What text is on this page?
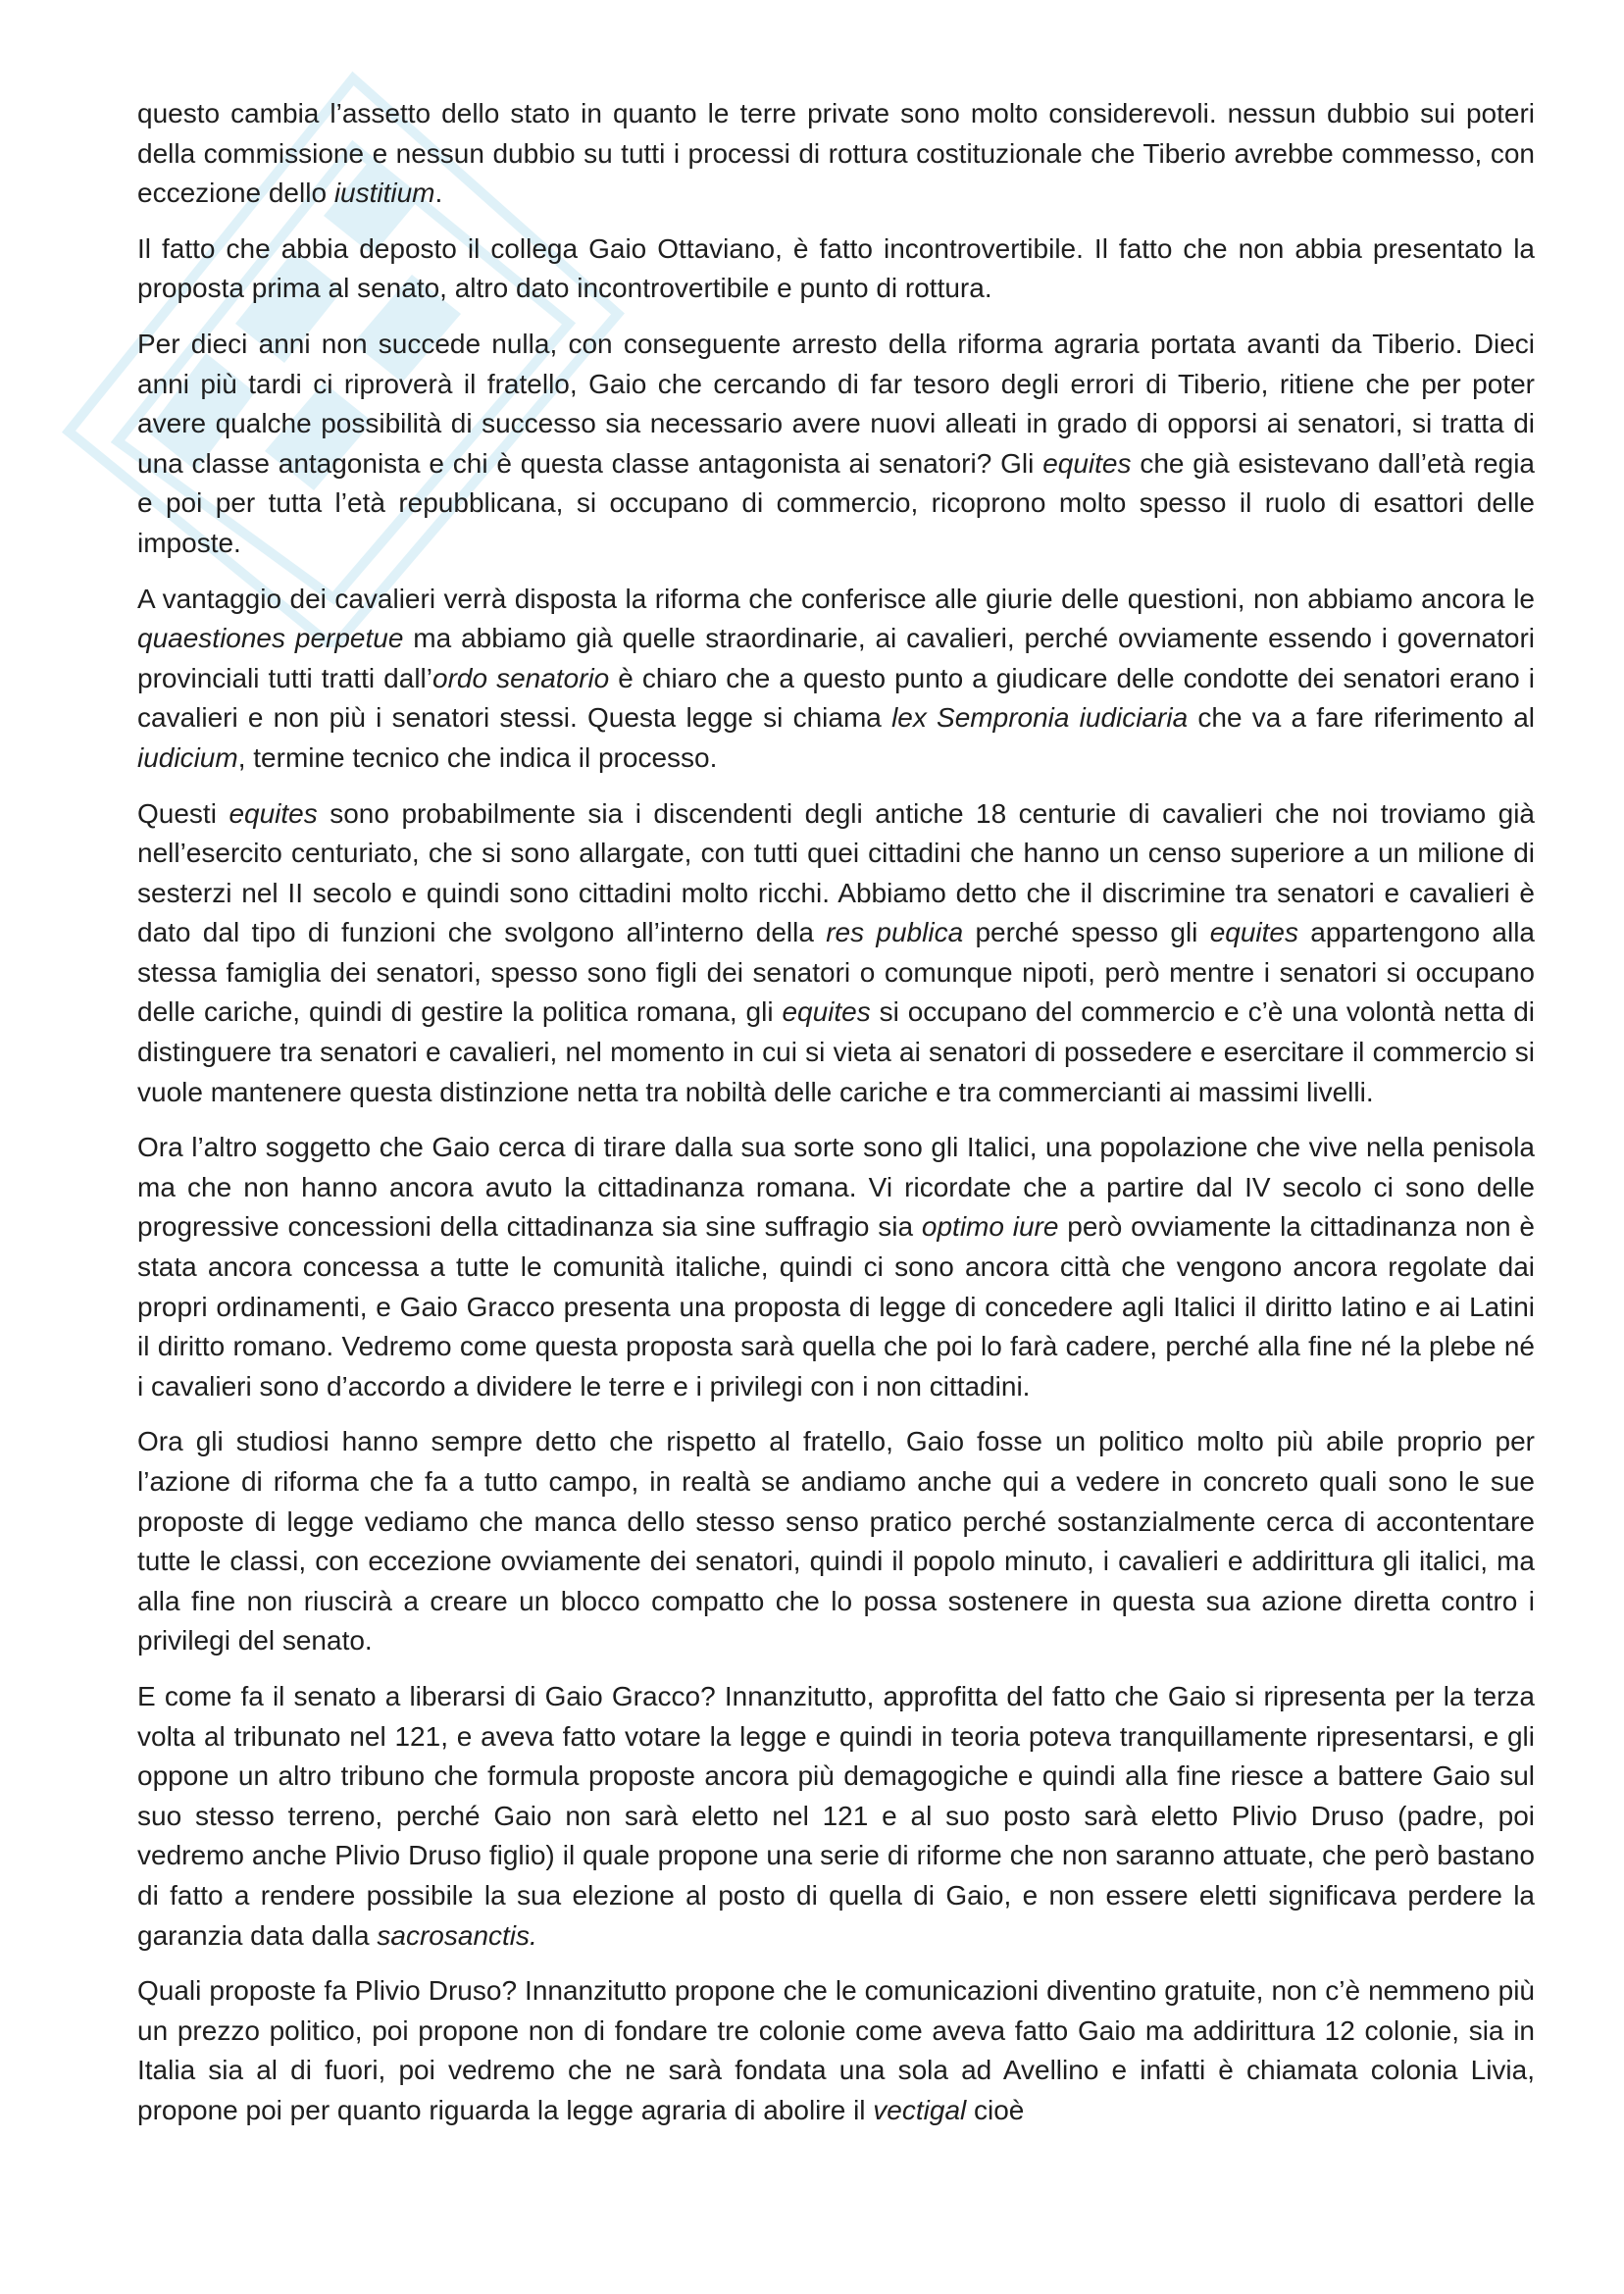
questo cambia l’assetto dello stato in quanto le terre private sono molto considerevoli. nessun dubbio sui poteri della commissione e nessun dubbio su tutti i processi di rottura costituzionale che Tiberio avrebbe commesso, con eccezione dello iustitium.

Il fatto che abbia deposto il collega Gaio Ottaviano, è fatto incontrovertibile. Il fatto che non abbia presentato la proposta prima al senato, altro dato incontrovertibile e punto di rottura.

Per dieci anni non succede nulla, con conseguente arresto della riforma agraria portata avanti da Tiberio. Dieci anni più tardi ci riproverà il fratello, Gaio che cercando di far tesoro degli errori di Tiberio, ritiene che per poter avere qualche possibilità di successo sia necessario avere nuovi alleati in grado di opporsi ai senatori, si tratta di una classe antagonista e chi è questa classe antagonista ai senatori? Gli equites che già esistevano dall’età regia e poi per tutta l’età repubblicana, si occupano di commercio, ricoprono molto spesso il ruolo di esattori delle imposte.

A vantaggio dei cavalieri verrà disposta la riforma che conferisce alle giurie delle questioni, non abbiamo ancora le quaestiones perpetue ma abbiamo già quelle straordinarie, ai cavalieri, perché ovviamente essendo i governatori provinciali tutti tratti dall’ordo senatorio è chiaro che a questo punto a giudicare delle condotte dei senatori erano i cavalieri e non più i senatori stessi. Questa legge si chiama lex Sempronia iudiciaria che va a fare riferimento al iudicium, termine tecnico che indica il processo.

Questi equites sono probabilmente sia i discendenti degli antiche 18 centurie di cavalieri che noi troviamo già nell’esercito centuriato, che si sono allargate, con tutti quei cittadini che hanno un censo superiore a un milione di sesterzi nel II secolo e quindi sono cittadini molto ricchi. Abbiamo detto che il discrimine tra senatori e cavalieri è dato dal tipo di funzioni che svolgono all’interno della res publica perché spesso gli equites appartengono alla stessa famiglia dei senatori, spesso sono figli dei senatori o comunque nipoti, però mentre i senatori si occupano delle cariche, quindi di gestire la politica romana, gli equites si occupano del commercio e c’è una volontà netta di distinguere tra senatori e cavalieri, nel momento in cui si vieta ai senatori di possedere e esercitare il commercio si vuole mantenere questa distinzione netta tra nobiltà delle cariche e tra commercianti ai massimi livelli.

Ora l’altro soggetto che Gaio cerca di tirare dalla sua sorte sono gli Italici, una popolazione che vive nella penisola ma che non hanno ancora avuto la cittadinanza romana. Vi ricordate che a partire dal IV secolo ci sono delle progressive concessioni della cittadinanza sia sine suffragio sia optimo iure però ovviamente la cittadinanza non è stata ancora concessa a tutte le comunità italiche, quindi ci sono ancora città che vengono ancora regolate dai propri ordinamenti, e Gaio Gracco presenta una proposta di legge di concedere agli Italici il diritto latino e ai Latini il diritto romano. Vedremo come questa proposta sarà quella che poi lo farà cadere, perché alla fine né la plebe né i cavalieri sono d’accordo a dividere le terre e i privilegi con i non cittadini.

Ora gli studiosi hanno sempre detto che rispetto al fratello, Gaio fosse un politico molto più abile proprio per l’azione di riforma che fa a tutto campo, in realtà se andiamo anche qui a vedere in concreto quali sono le sue proposte di legge vediamo che manca dello stesso senso pratico perché sostanzialmente cerca di accontentare tutte le classi, con eccezione ovviamente dei senatori, quindi il popolo minuto, i cavalieri e addirittura gli italici, ma alla fine non riuscirà a creare un blocco compatto che lo possa sostenere in questa sua azione diretta contro i privilegi del senato.

E come fa il senato a liberarsi di Gaio Gracco? Innanzitutto, approfitta del fatto che Gaio si ripresenta per la terza volta al tribunato nel 121, e aveva fatto votare la legge e quindi in teoria poteva tranquillamente ripresentarsi, e gli oppone un altro tribuno che formula proposte ancora più demagogiche e quindi alla fine riesce a battere Gaio sul suo stesso terreno, perché Gaio non sarà eletto nel 121 e al suo posto sarà eletto Plivio Druso (padre, poi vedremo anche Plivio Druso figlio) il quale propone una serie di riforme che non saranno attuate, che però bastano di fatto a rendere possibile la sua elezione al posto di quella di Gaio, e non essere eletti significava perdere la garanzia data dalla sacrosanctis.

Quali proposte fa Plivio Druso? Innanzitutto propone che le comunicazioni diventino gratuite, non c’è nemmeno più un prezzo politico, poi propone non di fondare tre colonie come aveva fatto Gaio ma addirittura 12 colonie, sia in Italia sia al di fuori, poi vedremo che ne sarà fondata una sola ad Avellino e infatti è chiamata colonia Livia, propone poi per quanto riguarda la legge agraria di abolire il vectigal cioè
